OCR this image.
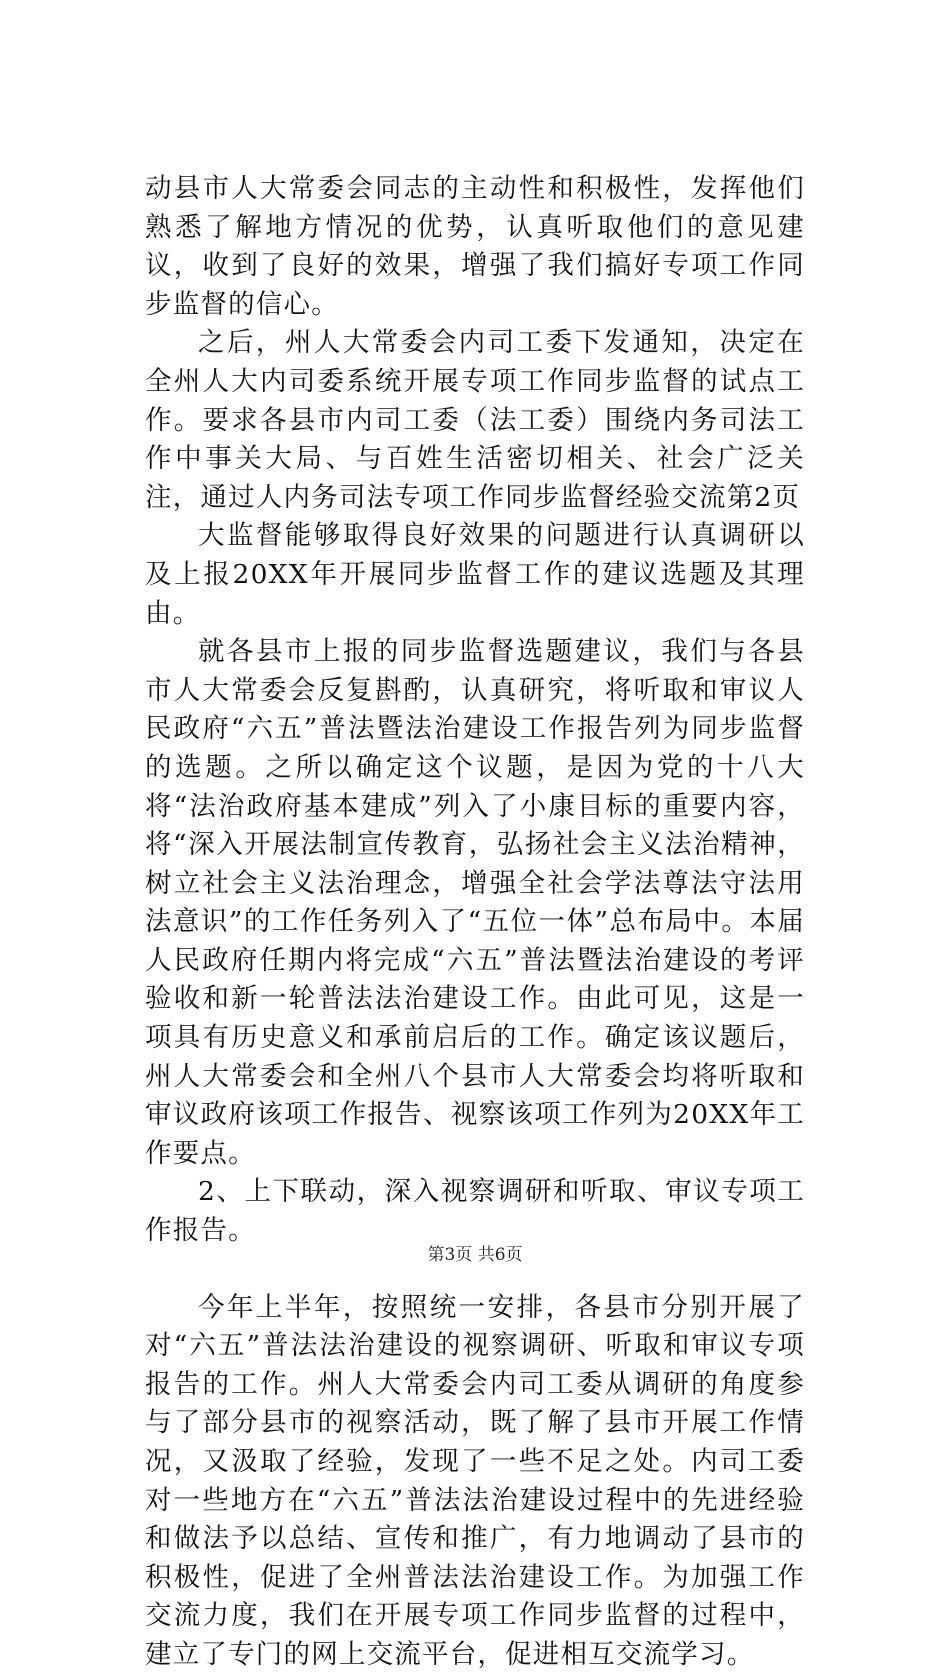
动县市人大常委会同志的主动性和积极性，发挥他们熟悉了解地方情况的优势，认真听取他们的意见建议，收到了良好的效果，增强了我们搞好专项工作同步监督的信心。

之后，州人大常委会内司工委下发通知，决定在全州人大内司委系统开展专项工作同步监督的试点工作。要求各县市内司工委（法工委）围绕内务司法工作中事关大局、与百姓生活密切相关、社会广泛关注，通过人内务司法专项工作同步监督经验交流第2页

大监督能够取得良好效果的问题进行认真调研以及上报20XX年开展同步监督工作的建议选题及其理由。

就各县市上报的同步监督选题建议，我们与各县市人大常委会反复斟酌，认真研究，将听取和审议人民政府“六五”普法暨法治建设工作报告列为同步监督的选题。之所以确定这个议题，是因为党的十八大将“法治政府基本建成”列入了小康目标的重要内容，将“深入开展法制宣传教育，弘扬社会主义法治精神，树立社会主义法治理念，增强全社会学法尊法守法用法意识”的工作任务列入了“五位一体”总布局中。本届人民政府任期内将完成“六五”普法暨法治建设的考评验收和新一轮普法法治建设工作。由此可见，这是一项具有历史意义和承前启后的工作。确定该议题后，州人大常委会和全州八个县市人大常委会均将听取和审议政府该项工作报告、视察该项工作列为20XX年工作要点。

2、上下联动，深入视察调研和听取、审议专项工作报告。

今年上半年，按照统一安排，各县市分别开展了对“六五”普法法治建设的视察调研、听取和审议专项报告的工作。州人大常委会内司工委从调研的角度参与了部分县市的视察活动，既了解了县市开展工作情况，又汲取了经验，发现了一些不足之处。内司工委对一些地方在“六五”普法法治建设过程中的先进经验和做法予以总结、宣传和推广，有力地调动了县市的积极性，促进了全州普法法治建设工作。为加强工作交流力度，我们在开展专项工作同步监督的过程中，建立了专门的网上交流平台，促进相互交流学习。

第3页 共6页
